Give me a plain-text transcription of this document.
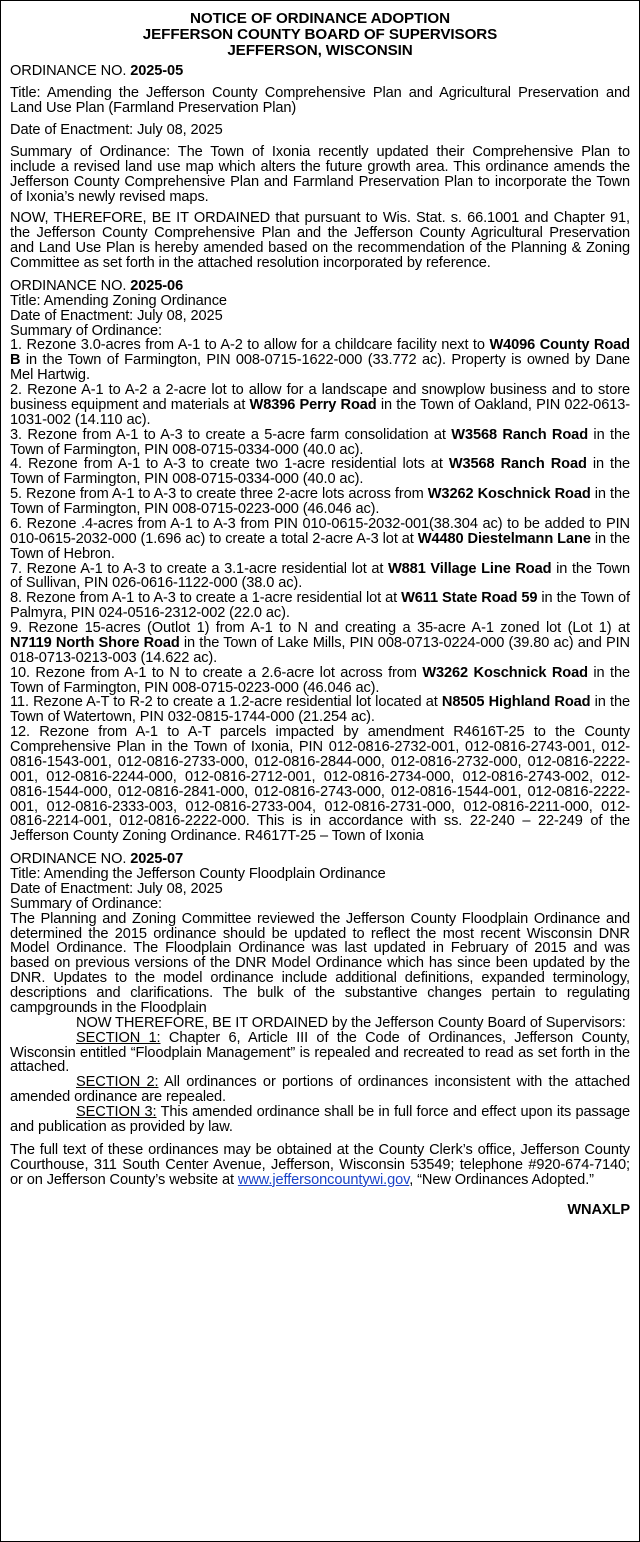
NOTICE OF ORDINANCE ADOPTION
JEFFERSON COUNTY BOARD OF SUPERVISORS
JEFFERSON, WISCONSIN

ORDINANCE NO. 2025-05

Title: Amending the Jefferson County Comprehensive Plan and Agricultural Preservation and Land Use Plan (Farmland Preservation Plan)

Date of Enactment: July 08, 2025

Summary of Ordinance: The Town of Ixonia recently updated their Comprehensive Plan to include a revised land use map which alters the future growth area. This ordinance amends the Jefferson County Comprehensive Plan and Farmland Preservation Plan to incorporate the Town of Ixonia’s newly revised maps.

NOW, THEREFORE, BE IT ORDAINED that pursuant to Wis. Stat. s. 66.1001 and Chapter 91, the Jefferson County Comprehensive Plan and the Jefferson County Agricultural Preservation and Land Use Plan is hereby amended based on the recommendation of the Planning & Zoning Committee as set forth in the attached resolution incorporated by reference.

ORDINANCE NO. 2025-06

Title: Amending Zoning Ordinance

Date of Enactment: July 08, 2025

Summary of Ordinance:

1. Rezone 3.0-acres from A-1 to A-2 to allow for a childcare facility next to W4096 County Road B in the Town of Farmington, PIN 008-0715-1622-000 (33.772 ac). Property is owned by Dane Mel Hartwig.

2. Rezone A-1 to A-2 a 2-acre lot to allow for a landscape and snowplow business and to store business equipment and materials at W8396 Perry Road in the Town of Oakland, PIN 022-0613-1031-002 (14.110 ac).

3. Rezone from A-1 to A-3 to create a 5-acre farm consolidation at W3568 Ranch Road in the Town of Farmington, PIN 008-0715-0334-000 (40.0 ac).

4. Rezone from A-1 to A-3 to create two 1-acre residential lots at W3568 Ranch Road in the Town of Farmington, PIN 008-0715-0334-000 (40.0 ac).

5. Rezone from A-1 to A-3 to create three 2-acre lots across from W3262 Koschnick Road in the Town of Farmington, PIN 008-0715-0223-000 (46.046 ac).

6. Rezone .4-acres from A-1 to A-3 from PIN 010-0615-2032-001(38.304 ac) to be added to PIN 010-0615-2032-000 (1.696 ac) to create a total 2-acre A-3 lot at W4480 Diestelmann Lane in the Town of Hebron.

7. Rezone A-1 to A-3 to create a 3.1-acre residential lot at W881 Village Line Road in the Town of Sullivan, PIN 026-0616-1122-000 (38.0 ac).

8. Rezone from A-1 to A-3 to create a 1-acre residential lot at W611 State Road 59 in the Town of Palmyra, PIN 024-0516-2312-002 (22.0 ac).

9. Rezone 15-acres (Outlot 1) from A-1 to N and creating a 35-acre A-1 zoned lot (Lot 1) at N7119 North Shore Road in the Town of Lake Mills, PIN 008-0713-0224-000 (39.80 ac) and PIN 018-0713-0213-003 (14.622 ac).

10. Rezone from A-1 to N to create a 2.6-acre lot across from W3262 Koschnick Road in the Town of Farmington, PIN 008-0715-0223-000 (46.046 ac).

11. Rezone A-T to R-2 to create a 1.2-acre residential lot located at N8505 Highland Road in the Town of Watertown, PIN 032-0815-1744-000 (21.254 ac).

12. Rezone from A-1 to A-T parcels impacted by amendment R4616T-25 to the County Comprehensive Plan in the Town of Ixonia, PIN 012-0816-2732-001, 012-0816-2743-001, 012-0816-1543-001, 012-0816-2733-000, 012-0816-2844-000, 012-0816-2732-000, 012-0816-2222-001, 012-0816-2244-000, 012-0816-2712-001, 012-0816-2734-000, 012-0816-2743-002, 012-0816-1544-000, 012-0816-2841-000, 012-0816-2743-000, 012-0816-1544-001, 012-0816-2222-001, 012-0816-2333-003, 012-0816-2733-004, 012-0816-2731-000, 012-0816-2211-000, 012-0816-2214-001, 012-0816-2222-000. This is in accordance with ss. 22-240 – 22-249 of the Jefferson County Zoning Ordinance. R4617T-25 – Town of Ixonia

ORDINANCE NO. 2025-07

Title: Amending the Jefferson County Floodplain Ordinance

Date of Enactment: July 08, 2025

Summary of Ordinance:

The Planning and Zoning Committee reviewed the Jefferson County Floodplain Ordinance and determined the 2015 ordinance should be updated to reflect the most recent Wisconsin DNR Model Ordinance. The Floodplain Ordinance was last updated in February of 2015 and was based on previous versions of the DNR Model Ordinance which has since been updated by the DNR. Updates to the model ordinance include additional definitions, expanded terminology, descriptions and clarifications. The bulk of the substantive changes pertain to regulating campgrounds in the Floodplain

NOW THEREFORE, BE IT ORDAINED by the Jefferson County Board of Supervisors:

SECTION 1: Chapter 6, Article III of the Code of Ordinances, Jefferson County, Wisconsin entitled “Floodplain Management” is repealed and recreated to read as set forth in the attached.

SECTION 2: All ordinances or portions of ordinances inconsistent with the attached amended ordinance are repealed.

SECTION 3: This amended ordinance shall be in full force and effect upon its passage and publication as provided by law.

The full text of these ordinances may be obtained at the County Clerk’s office, Jefferson County Courthouse, 311 South Center Avenue, Jefferson, Wisconsin 53549; telephone #920-674-7140; or on Jefferson County’s website at www.jeffersoncountywi.gov, “New Ordinances Adopted.”

WNAXLP
